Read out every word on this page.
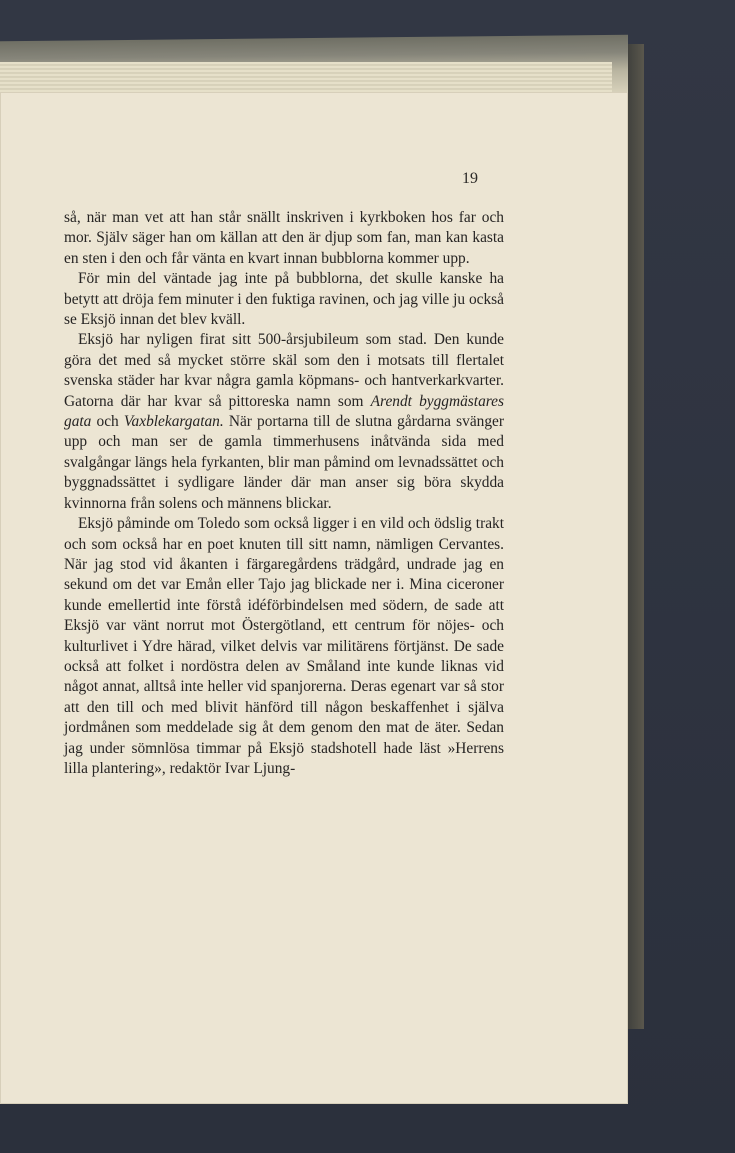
19

så, när man vet att han står snällt inskriven i kyrkboken hos far och mor. Själv säger han om källan att den är djup som fan, man kan kasta en sten i den och får vänta en kvart innan bubblorna kommer upp.

För min del väntade jag inte på bubblorna, det skulle kanske ha betytt att dröja fem minuter i den fuktiga ravinen, och jag ville ju också se Eksjö innan det blev kväll.

Eksjö har nyligen firat sitt 500-årsjubileum som stad. Den kunde göra det med så mycket större skäl som den i motsats till flertalet svenska städer har kvar några gamla köpmans- och hantverkarkvarter. Gatorna där har kvar så pittoreska namn som Arendt byggmästares gata och Vaxblekargatan. När portarna till de slutna gårdarna svänger upp och man ser de gamla timmerhusens inåtvända sida med svalgångar längs hela fyrkanten, blir man påmind om levnadssättet och byggnadssättet i sydligare länder där man anser sig böra skydda kvinnorna från solens och männens blickar.

Eksjö påminde om Toledo som också ligger i en vild och ödslig trakt och som också har en poet knuten till sitt namn, nämligen Cervantes. När jag stod vid åkanten i färgaregårdens trädgård, undrade jag en sekund om det var Emån eller Tajo jag blickade ner i. Mina ciceroner kunde emellertid inte förstå idéförbindelsen med södern, de sade att Eksjö var vänt norrut mot Östergötland, ett centrum för nöjes- och kulturlivet i Ydre härad, vilket delvis var militärens förtjänst. De sade också att folket i nordöstra delen av Småland inte kunde liknas vid något annat, alltså inte heller vid spanjorerna. Deras egenart var så stor att den till och med blivit hänförd till någon beskaffenhet i själva jordmånen som meddelade sig åt dem genom den mat de äter. Sedan jag under sömnlösa timmar på Eksjö stadshotell hade läst »Herrens lilla plantering», redaktör Ivar Ljung-
